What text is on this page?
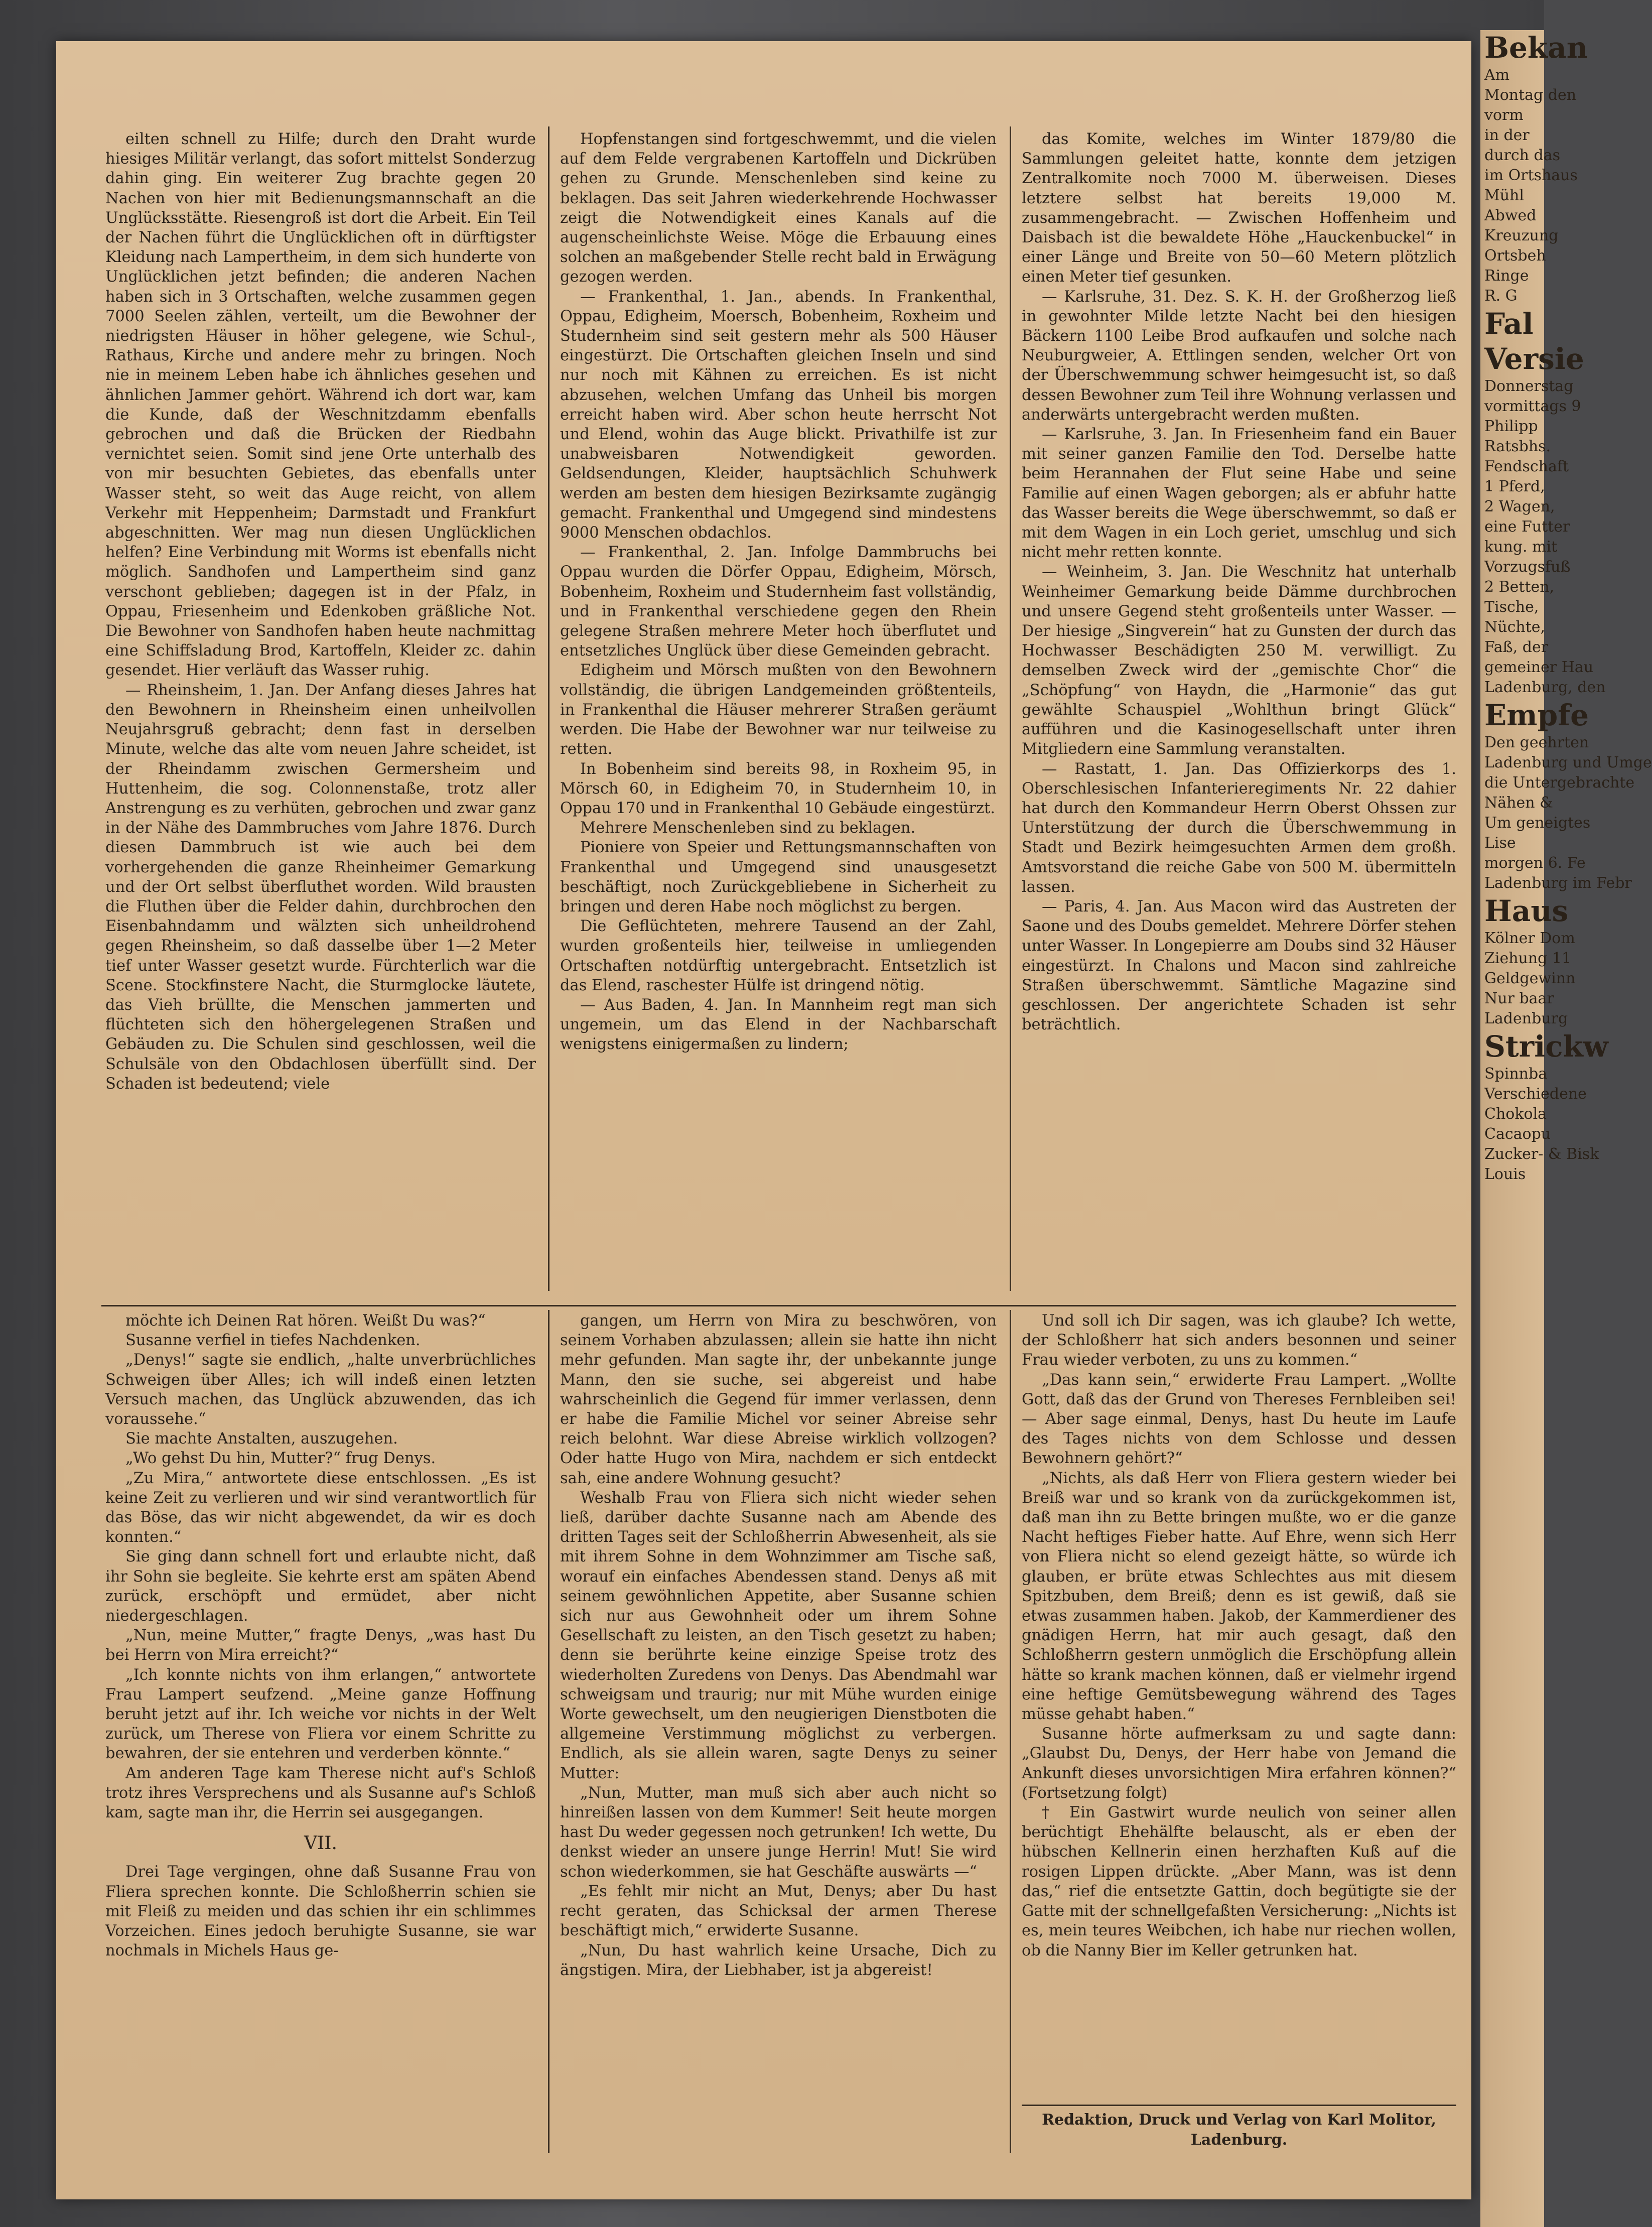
Bekan
Am
Montag den
vorm
in der
durch das
im Ortshaus
Mühl
Abwed
Kreuzung
Ortsbeh
Ringe
R. G
Fal
Versie
Donnerstag
vormittags 9
Philipp
Ratsbhs.
Fendschaft
1 Pferd,
2 Wagen,
eine Futter
kung. mit
Vorzugsfuß
2 Betten,
Tische,
Nüchte,
Faß, der
gemeiner Hau
Ladenburg, den
Empfe
Den geehrten
Ladenburg und Umge
die Untergebrachte
Nähen &
Um geneigtes
Lise
morgen 6. Fe
Ladenburg im Febr
Haus
Kölner Dom
Ziehung 11
Geldgewinn
Nur baar
Ladenburg
Strickw
Spinnba
Verschiedene
Chokola
Cacaopu
Zucker- & Bisk
Louis

eilten schnell zu Hilfe; durch den Draht wurde hiesiges Militär verlangt, das sofort mittelst Sonderzug dahin ging. Ein weiterer Zug brachte gegen 20 Nachen von hier mit Bedienungsmannschaft an die Unglücksstätte. Riesengroß ist dort die Arbeit. Ein Teil der Nachen führt die Unglücklichen oft in dürftigster Kleidung nach Lampertheim, in dem sich hunderte von Unglücklichen jetzt befinden; die anderen Nachen haben sich in 3 Ortschaften, welche zusammen gegen 7000 Seelen zählen, verteilt, um die Bewohner der niedrigsten Häuser in höher gelegene, wie Schul-, Rathaus, Kirche und andere mehr zu bringen. Noch nie in meinem Leben habe ich ähnliches gesehen und ähnlichen Jammer gehört. Während ich dort war, kam die Kunde, daß der Weschnitzdamm ebenfalls gebrochen und daß die Brücken der Riedbahn vernichtet seien. Somit sind jene Orte unterhalb des von mir besuchten Gebietes, das ebenfalls unter Wasser steht, so weit das Auge reicht, von allem Verkehr mit Heppenheim; Darmstadt und Frankfurt abgeschnitten. Wer mag nun diesen Unglücklichen helfen? Eine Verbindung mit Worms ist ebenfalls nicht möglich. Sandhofen und Lampertheim sind ganz verschont geblieben; dagegen ist in der Pfalz, in Oppau, Friesenheim und Edenkoben gräßliche Not. Die Bewohner von Sandhofen haben heute nachmittag eine Schiffsladung Brod, Kartoffeln, Kleider zc. dahin gesendet. Hier verläuft das Wasser ruhig.

— Rheinsheim, 1. Jan. Der Anfang dieses Jahres hat den Bewohnern in Rheinsheim einen unheilvollen Neujahrsgruß gebracht; denn fast in derselben Minute, welche das alte vom neuen Jahre scheidet, ist der Rheindamm zwischen Germersheim und Huttenheim, die sog. Colonnenstaße, trotz aller Anstrengung es zu verhüten, gebrochen und zwar ganz in der Nähe des Dammbruches vom Jahre 1876. Durch diesen Dammbruch ist wie auch bei dem vorhergehenden die ganze Rheinheimer Gemarkung und der Ort selbst überfluthet worden. Wild brausten die Fluthen über die Felder dahin, durchbrochen den Eisenbahndamm und wälzten sich unheildrohend gegen Rheinsheim, so daß dasselbe über 1—2 Meter tief unter Wasser gesetzt wurde. Fürchterlich war die Scene. Stockfinstere Nacht, die Sturmglocke läutete, das Vieh brüllte, die Menschen jammerten und flüchteten sich den höhergelegenen Straßen und Gebäuden zu. Die Schulen sind geschlossen, weil die Schulsäle von den Obdachlosen überfüllt sind. Der Schaden ist bedeutend; viele

Hopfenstangen sind fortgeschwemmt, und die vielen auf dem Felde vergrabenen Kartoffeln und Dickrüben gehen zu Grunde. Menschenleben sind keine zu beklagen. Das seit Jahren wiederkehrende Hochwasser zeigt die Notwendigkeit eines Kanals auf die augenscheinlichste Weise. Möge die Erbauung eines solchen an maßgebender Stelle recht bald in Erwägung gezogen werden.

— Frankenthal, 1. Jan., abends. In Frankenthal, Oppau, Edigheim, Moersch, Bobenheim, Roxheim und Studernheim sind seit gestern mehr als 500 Häuser eingestürzt. Die Ortschaften gleichen Inseln und sind nur noch mit Kähnen zu erreichen. Es ist nicht abzusehen, welchen Umfang das Unheil bis morgen erreicht haben wird. Aber schon heute herrscht Not und Elend, wohin das Auge blickt. Privathilfe ist zur unabweisbaren Notwendigkeit geworden. Geldsendungen, Kleider, hauptsächlich Schuhwerk werden am besten dem hiesigen Bezirksamte zugängig gemacht. Frankenthal und Umgegend sind mindestens 9000 Menschen obdachlos.

— Frankenthal, 2. Jan. Infolge Dammbruchs bei Oppau wurden die Dörfer Oppau, Edigheim, Mörsch, Bobenheim, Roxheim und Studernheim fast vollständig, und in Frankenthal verschiedene gegen den Rhein gelegene Straßen mehrere Meter hoch überflutet und entsetzliches Unglück über diese Gemeinden gebracht.

Edigheim und Mörsch mußten von den Bewohnern vollständig, die übrigen Landgemeinden größtenteils, in Frankenthal die Häuser mehrerer Straßen geräumt werden. Die Habe der Bewohner war nur teilweise zu retten.

In Bobenheim sind bereits 98, in Roxheim 95, in Mörsch 60, in Edigheim 70, in Studernheim 10, in Oppau 170 und in Frankenthal 10 Gebäude eingestürzt.

Mehrere Menschenleben sind zu beklagen.

Pioniere von Speier und Rettungsmannschaften von Frankenthal und Umgegend sind unausgesetzt beschäftigt, noch Zurückgebliebene in Sicherheit zu bringen und deren Habe noch möglichst zu bergen.

Die Geflüchteten, mehrere Tausend an der Zahl, wurden großenteils hier, teilweise in umliegenden Ortschaften notdürftig untergebracht. Entsetzlich ist das Elend, raschester Hülfe ist dringend nötig.

— Aus Baden, 4. Jan. In Mannheim regt man sich ungemein, um das Elend in der Nachbarschaft wenigstens einigermaßen zu lindern;

das Komite, welches im Winter 1879/80 die Sammlungen geleitet hatte, konnte dem jetzigen Zentralkomite noch 7000 M. überweisen. Dieses letztere selbst hat bereits 19,000 M. zusammengebracht. — Zwischen Hoffenheim und Daisbach ist die bewaldete Höhe „Hauckenbuckel“ in einer Länge und Breite von 50—60 Metern plötzlich einen Meter tief gesunken.

— Karlsruhe, 31. Dez. S. K. H. der Großherzog ließ in gewohnter Milde letzte Nacht bei den hiesigen Bäckern 1100 Leibe Brod aufkaufen und solche nach Neuburgweier, A. Ettlingen senden, welcher Ort von der Überschwemmung schwer heimgesucht ist, so daß dessen Bewohner zum Teil ihre Wohnung verlassen und anderwärts untergebracht werden mußten.

— Karlsruhe, 3. Jan. In Friesenheim fand ein Bauer mit seiner ganzen Familie den Tod. Derselbe hatte beim Herannahen der Flut seine Habe und seine Familie auf einen Wagen geborgen; als er abfuhr hatte das Wasser bereits die Wege überschwemmt, so daß er mit dem Wagen in ein Loch geriet, umschlug und sich nicht mehr retten konnte.

— Weinheim, 3. Jan. Die Weschnitz hat unterhalb Weinheimer Gemarkung beide Dämme durchbrochen und unsere Gegend steht großenteils unter Wasser. — Der hiesige „Singverein“ hat zu Gunsten der durch das Hochwasser Beschädigten 250 M. verwilligt. Zu demselben Zweck wird der „gemischte Chor“ die „Schöpfung“ von Haydn, die „Harmonie“ das gut gewählte Schauspiel „Wohlthun bringt Glück“ aufführen und die Kasinogesellschaft unter ihren Mitgliedern eine Sammlung veranstalten.

— Rastatt, 1. Jan. Das Offizierkorps des 1. Oberschlesischen Infanterieregiments Nr. 22 dahier hat durch den Kommandeur Herrn Oberst Ohssen zur Unterstützung der durch die Überschwemmung in Stadt und Bezirk heimgesuchten Armen dem großh. Amtsvorstand die reiche Gabe von 500 M. übermitteln lassen.

— Paris, 4. Jan. Aus Macon wird das Austreten der Saone und des Doubs gemeldet. Mehrere Dörfer stehen unter Wasser. In Longepierre am Doubs sind 32 Häuser eingestürzt. In Chalons und Macon sind zahlreiche Straßen überschwemmt. Sämtliche Magazine sind geschlossen. Der angerichtete Schaden ist sehr beträchtlich.

möchte ich Deinen Rat hören. Weißt Du was?“

Susanne verfiel in tiefes Nachdenken.

„Denys!“ sagte sie endlich, „halte unverbrüchliches Schweigen über Alles; ich will indeß einen letzten Versuch machen, das Unglück abzuwenden, das ich voraussehe.“

Sie machte Anstalten, auszugehen.

„Wo gehst Du hin, Mutter?“ frug Denys.

„Zu Mira,“ antwortete diese entschlossen. „Es ist keine Zeit zu verlieren und wir sind verantwortlich für das Böse, das wir nicht abgewendet, da wir es doch konnten.“

Sie ging dann schnell fort und erlaubte nicht, daß ihr Sohn sie begleite. Sie kehrte erst am späten Abend zurück, erschöpft und ermüdet, aber nicht niedergeschlagen.

„Nun, meine Mutter,“ fragte Denys, „was hast Du bei Herrn von Mira erreicht?“

„Ich konnte nichts von ihm erlangen,“ antwortete Frau Lampert seufzend. „Meine ganze Hoffnung beruht jetzt auf ihr. Ich weiche vor nichts in der Welt zurück, um Therese von Fliera vor einem Schritte zu bewahren, der sie entehren und verderben könnte.“

Am anderen Tage kam Therese nicht auf's Schloß trotz ihres Versprechens und als Susanne auf's Schloß kam, sagte man ihr, die Herrin sei ausgegangen.

VII.

Drei Tage vergingen, ohne daß Susanne Frau von Fliera sprechen konnte. Die Schloßherrin schien sie mit Fleiß zu meiden und das schien ihr ein schlimmes Vorzeichen. Eines jedoch beruhigte Susanne, sie war nochmals in Michels Haus ge-

gangen, um Herrn von Mira zu beschwören, von seinem Vorhaben abzulassen; allein sie hatte ihn nicht mehr gefunden. Man sagte ihr, der unbekannte junge Mann, den sie suche, sei abgereist und habe wahrscheinlich die Gegend für immer verlassen, denn er habe die Familie Michel vor seiner Abreise sehr reich belohnt. War diese Abreise wirklich vollzogen? Oder hatte Hugo von Mira, nachdem er sich entdeckt sah, eine andere Wohnung gesucht?

Weshalb Frau von Fliera sich nicht wieder sehen ließ, darüber dachte Susanne nach am Abende des dritten Tages seit der Schloßherrin Abwesenheit, als sie mit ihrem Sohne in dem Wohnzimmer am Tische saß, worauf ein einfaches Abendessen stand. Denys aß mit seinem gewöhnlichen Appetite, aber Susanne schien sich nur aus Gewohnheit oder um ihrem Sohne Gesellschaft zu leisten, an den Tisch gesetzt zu haben; denn sie berührte keine einzige Speise trotz des wiederholten Zuredens von Denys. Das Abendmahl war schweigsam und traurig; nur mit Mühe wurden einige Worte gewechselt, um den neugierigen Dienstboten die allgemeine Verstimmung möglichst zu verbergen. Endlich, als sie allein waren, sagte Denys zu seiner Mutter:

„Nun, Mutter, man muß sich aber auch nicht so hinreißen lassen von dem Kummer! Seit heute morgen hast Du weder gegessen noch getrunken! Ich wette, Du denkst wieder an unsere junge Herrin! Mut! Sie wird schon wiederkommen, sie hat Geschäfte auswärts —“

„Es fehlt mir nicht an Mut, Denys; aber Du hast recht geraten, das Schicksal der armen Therese beschäftigt mich,“ erwiderte Susanne.

„Nun, Du hast wahrlich keine Ursache, Dich zu ängstigen. Mira, der Liebhaber, ist ja abgereist!

Und soll ich Dir sagen, was ich glaube? Ich wette, der Schloßherr hat sich anders besonnen und seiner Frau wieder verboten, zu uns zu kommen.“

„Das kann sein,“ erwiderte Frau Lampert. „Wollte Gott, daß das der Grund von Thereses Fernbleiben sei! — Aber sage einmal, Denys, hast Du heute im Laufe des Tages nichts von dem Schlosse und dessen Bewohnern gehört?“

„Nichts, als daß Herr von Fliera gestern wieder bei Breiß war und so krank von da zurückgekommen ist, daß man ihn zu Bette bringen mußte, wo er die ganze Nacht heftiges Fieber hatte. Auf Ehre, wenn sich Herr von Fliera nicht so elend gezeigt hätte, so würde ich glauben, er brüte etwas Schlechtes aus mit diesem Spitzbuben, dem Breiß; denn es ist gewiß, daß sie etwas zusammen haben. Jakob, der Kammerdiener des gnädigen Herrn, hat mir auch gesagt, daß den Schloßherrn gestern unmöglich die Erschöpfung allein hätte so krank machen können, daß er vielmehr irgend eine heftige Gemütsbewegung während des Tages müsse gehabt haben.“

Susanne hörte aufmerksam zu und sagte dann: „Glaubst Du, Denys, der Herr habe von Jemand die Ankunft dieses unvorsichtigen Mira erfahren können?“ (Fortsetzung folgt)

† Ein Gastwirt wurde neulich von seiner allen berüchtigt Ehehälfte belauscht, als er eben der hübschen Kellnerin einen herzhaften Kuß auf die rosigen Lippen drückte. „Aber Mann, was ist denn das,“ rief die entsetzte Gattin, doch begütigte sie der Gatte mit der schnellgefaßten Versicherung: „Nichts ist es, mein teures Weibchen, ich habe nur riechen wollen, ob die Nanny Bier im Keller getrunken hat.

Redaktion, Druck und Verlag von Karl Molitor,
Ladenburg.
